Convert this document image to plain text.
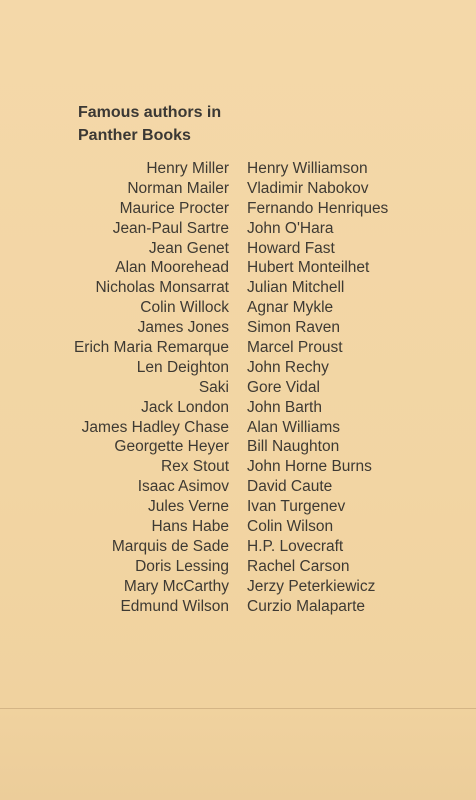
Famous authors in
Panther Books
Henry Miller Henry Williamson
Norman Mailer Vladimir Nabokov
Maurice Procter Fernando Henriques
Jean-Paul Sartre John O'Hara
Jean Genet Howard Fast
Alan Moorehead Hubert Monteilhet
Nicholas Monsarrat Julian Mitchell
Colin Willock Agnar Mykle
James Jones Simon Raven
Erich Maria Remarque Marcel Proust
Len Deighton John Rechy
Saki Gore Vidal
Jack London John Barth
James Hadley Chase Alan Williams
Georgette Heyer Bill Naughton
Rex Stout John Horne Burns
Isaac Asimov David Caute
Jules Verne Ivan Turgenev
Hans Habe Colin Wilson
Marquis de Sade H.P. Lovecraft
Doris Lessing Rachel Carson
Mary McCarthy Jerzy Peterkiewicz
Edmund Wilson Curzio Malaparte
